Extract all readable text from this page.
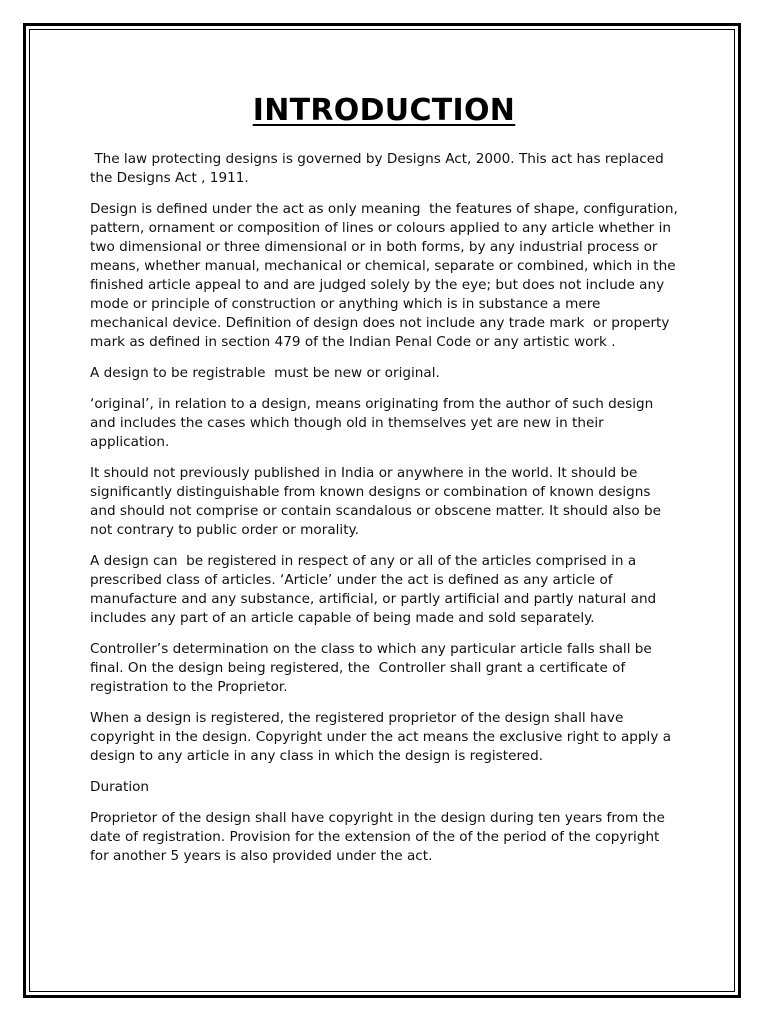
INTRODUCTION

The law protecting designs is governed by Designs Act, 2000. This act has replaced the Designs Act , 1911.

Design is defined under the act as only meaning  the features of shape, configuration, pattern, ornament or composition of lines or colours applied to any article whether in two dimensional or three dimensional or in both forms, by any industrial process or means, whether manual, mechanical or chemical, separate or combined, which in the finished article appeal to and are judged solely by the eye; but does not include any mode or principle of construction or anything which is in substance a mere mechanical device. Definition of design does not include any trade mark  or property mark as defined in section 479 of the Indian Penal Code or any artistic work .

A design to be registrable  must be new or original.

‘original’, in relation to a design, means originating from the author of such design and includes the cases which though old in themselves yet are new in their application.

It should not previously published in India or anywhere in the world. It should be significantly distinguishable from known designs or combination of known designs and should not comprise or contain scandalous or obscene matter. It should also be not contrary to public order or morality.

A design can  be registered in respect of any or all of the articles comprised in a prescribed class of articles. ‘Article’ under the act is defined as any article of manufacture and any substance, artificial, or partly artificial and partly natural and includes any part of an article capable of being made and sold separately.

Controller’s determination on the class to which any particular article falls shall be final. On the design being registered, the  Controller shall grant a certificate of registration to the Proprietor.

When a design is registered, the registered proprietor of the design shall have copyright in the design. Copyright under the act means the exclusive right to apply a design to any article in any class in which the design is registered.

Duration

Proprietor of the design shall have copyright in the design during ten years from the date of registration. Provision for the extension of the of the period of the copyright for another 5 years is also provided under the act.
